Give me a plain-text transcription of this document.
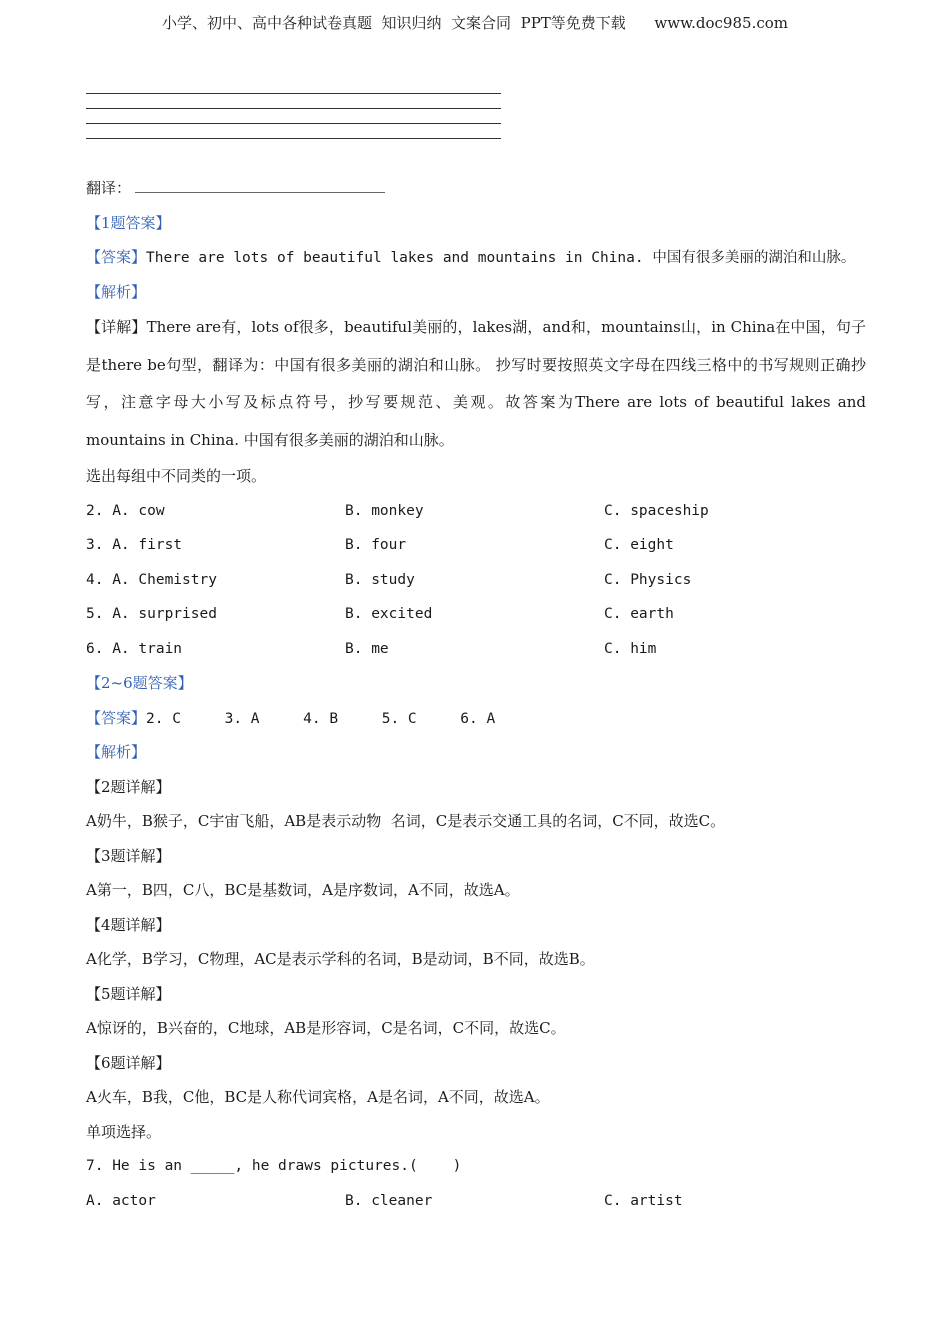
小学、初中、高中各种试卷真题  知识归纳  文案合同  PPT等免费下载      www.doc985.com
翻译：
【1题答案】
【答案】There are lots of beautiful lakes and mountains in China. 中国有很多美丽的湖泊和山脉。
【解析】
【详解】There are有，lots of很多，beautiful美丽的，lakes湖，and和，mountains山，in China在中国，句子是there be句型，翻译为：中国有很多美丽的湖泊和山脉。 抄写时要按照英文字母在四线三格中的书写规则正确抄写，注意字母大小写及标点符号，抄写要规范、美观。故答案为There are lots of beautiful lakes and mountains in China. 中国有很多美丽的湖泊和山脉。
选出每组中不同类的一项。
2. A. cow	B. monkey	C. spaceship
3. A. first	B. four	C. eight
4. A. Chemistry	B. study	C. Physics
5. A. surprised	B. excited	C. earth
6. A. train	B. me	C. him
【2~6题答案】
【答案】2. C     3. A     4. B     5. C     6. A
【解析】
【2题详解】
A奶牛，B猴子，C宇宙飞船，AB是表示动物  名词，C是表示交通工具的名词，C不同，故选C。
【3题详解】
A第一，B四，C八，BC是基数词，A是序数词，A不同，故选A。
【4题详解】
A化学，B学习，C物理，AC是表示学科的名词，B是动词，B不同，故选B。
【5题详解】
A惊讶的，B兴奋的，C地球，AB是形容词，C是名词，C不同，故选C。
【6题详解】
A火车，B我，C他，BC是人称代词宾格，A是名词，A不同，故选A。
单项选择。
7. He is an _____, he draws pictures.(    )
A. actor	B. cleaner	C. artist
